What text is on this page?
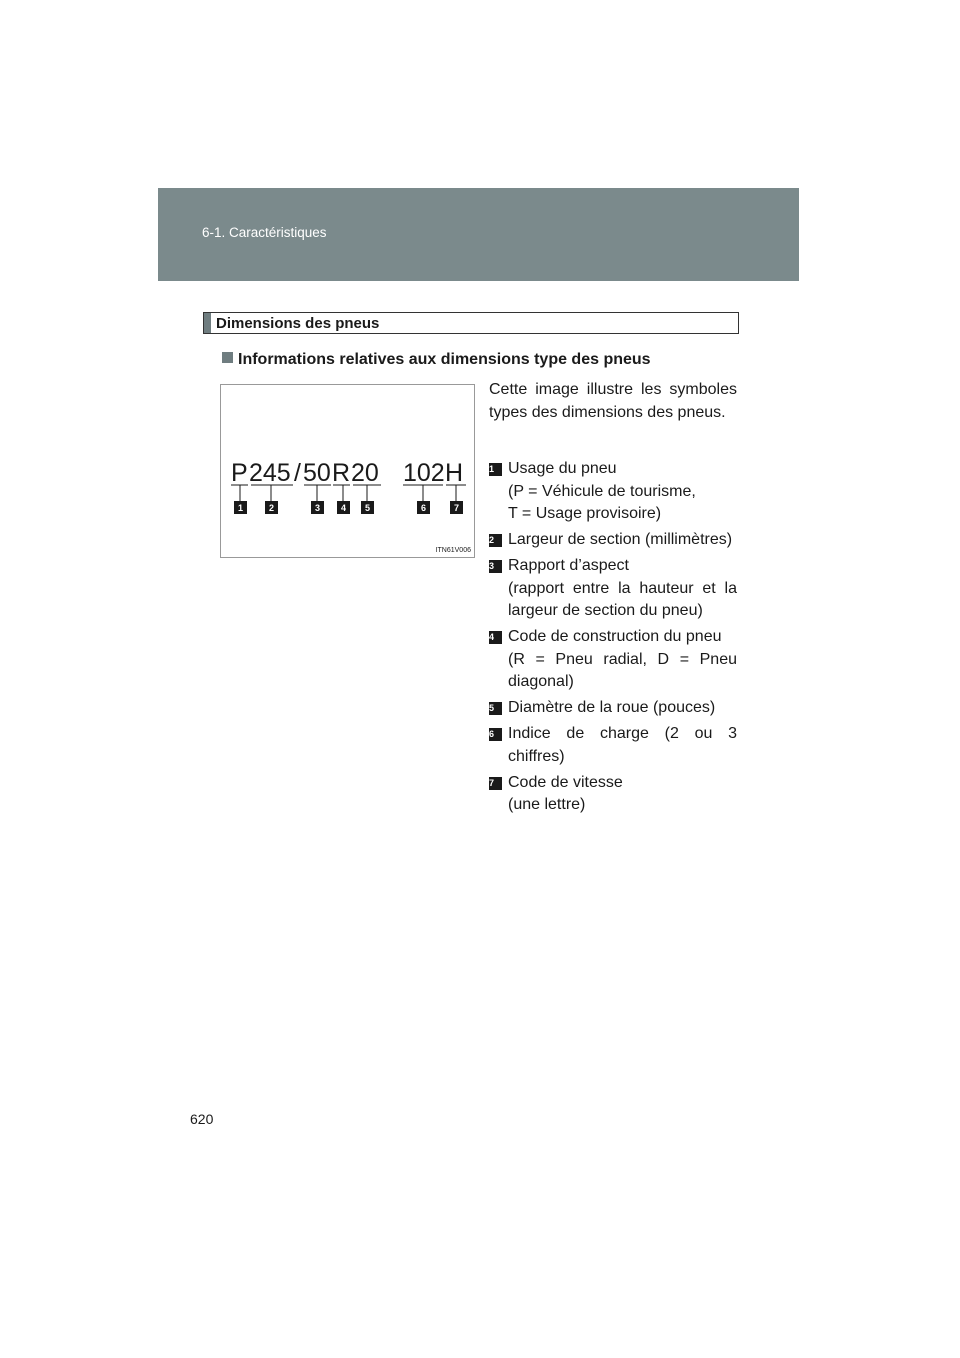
6-1. Caractéristiques
Dimensions des pneus
Informations relatives aux dimensions type des pneus
P 245 / 50 R 20 102 H
1	2	3 4 5	6	7
ITN61V006

Cette image illustre les symboles types des dimensions des pneus.

1 Usage du pneu
(P = Véhicule de tourisme,
T = Usage provisoire)
2 Largeur de section (millimètres)
3 Rapport d’aspect
(rapport entre la hauteur et la largeur de section du pneu)
4 Code de construction du pneu
(R = Pneu radial, D = Pneu diagonal)
5 Diamètre de la roue (pouces)
6 Indice de charge (2 ou 3 chiffres)
7 Code de vitesse
(une lettre)
620
